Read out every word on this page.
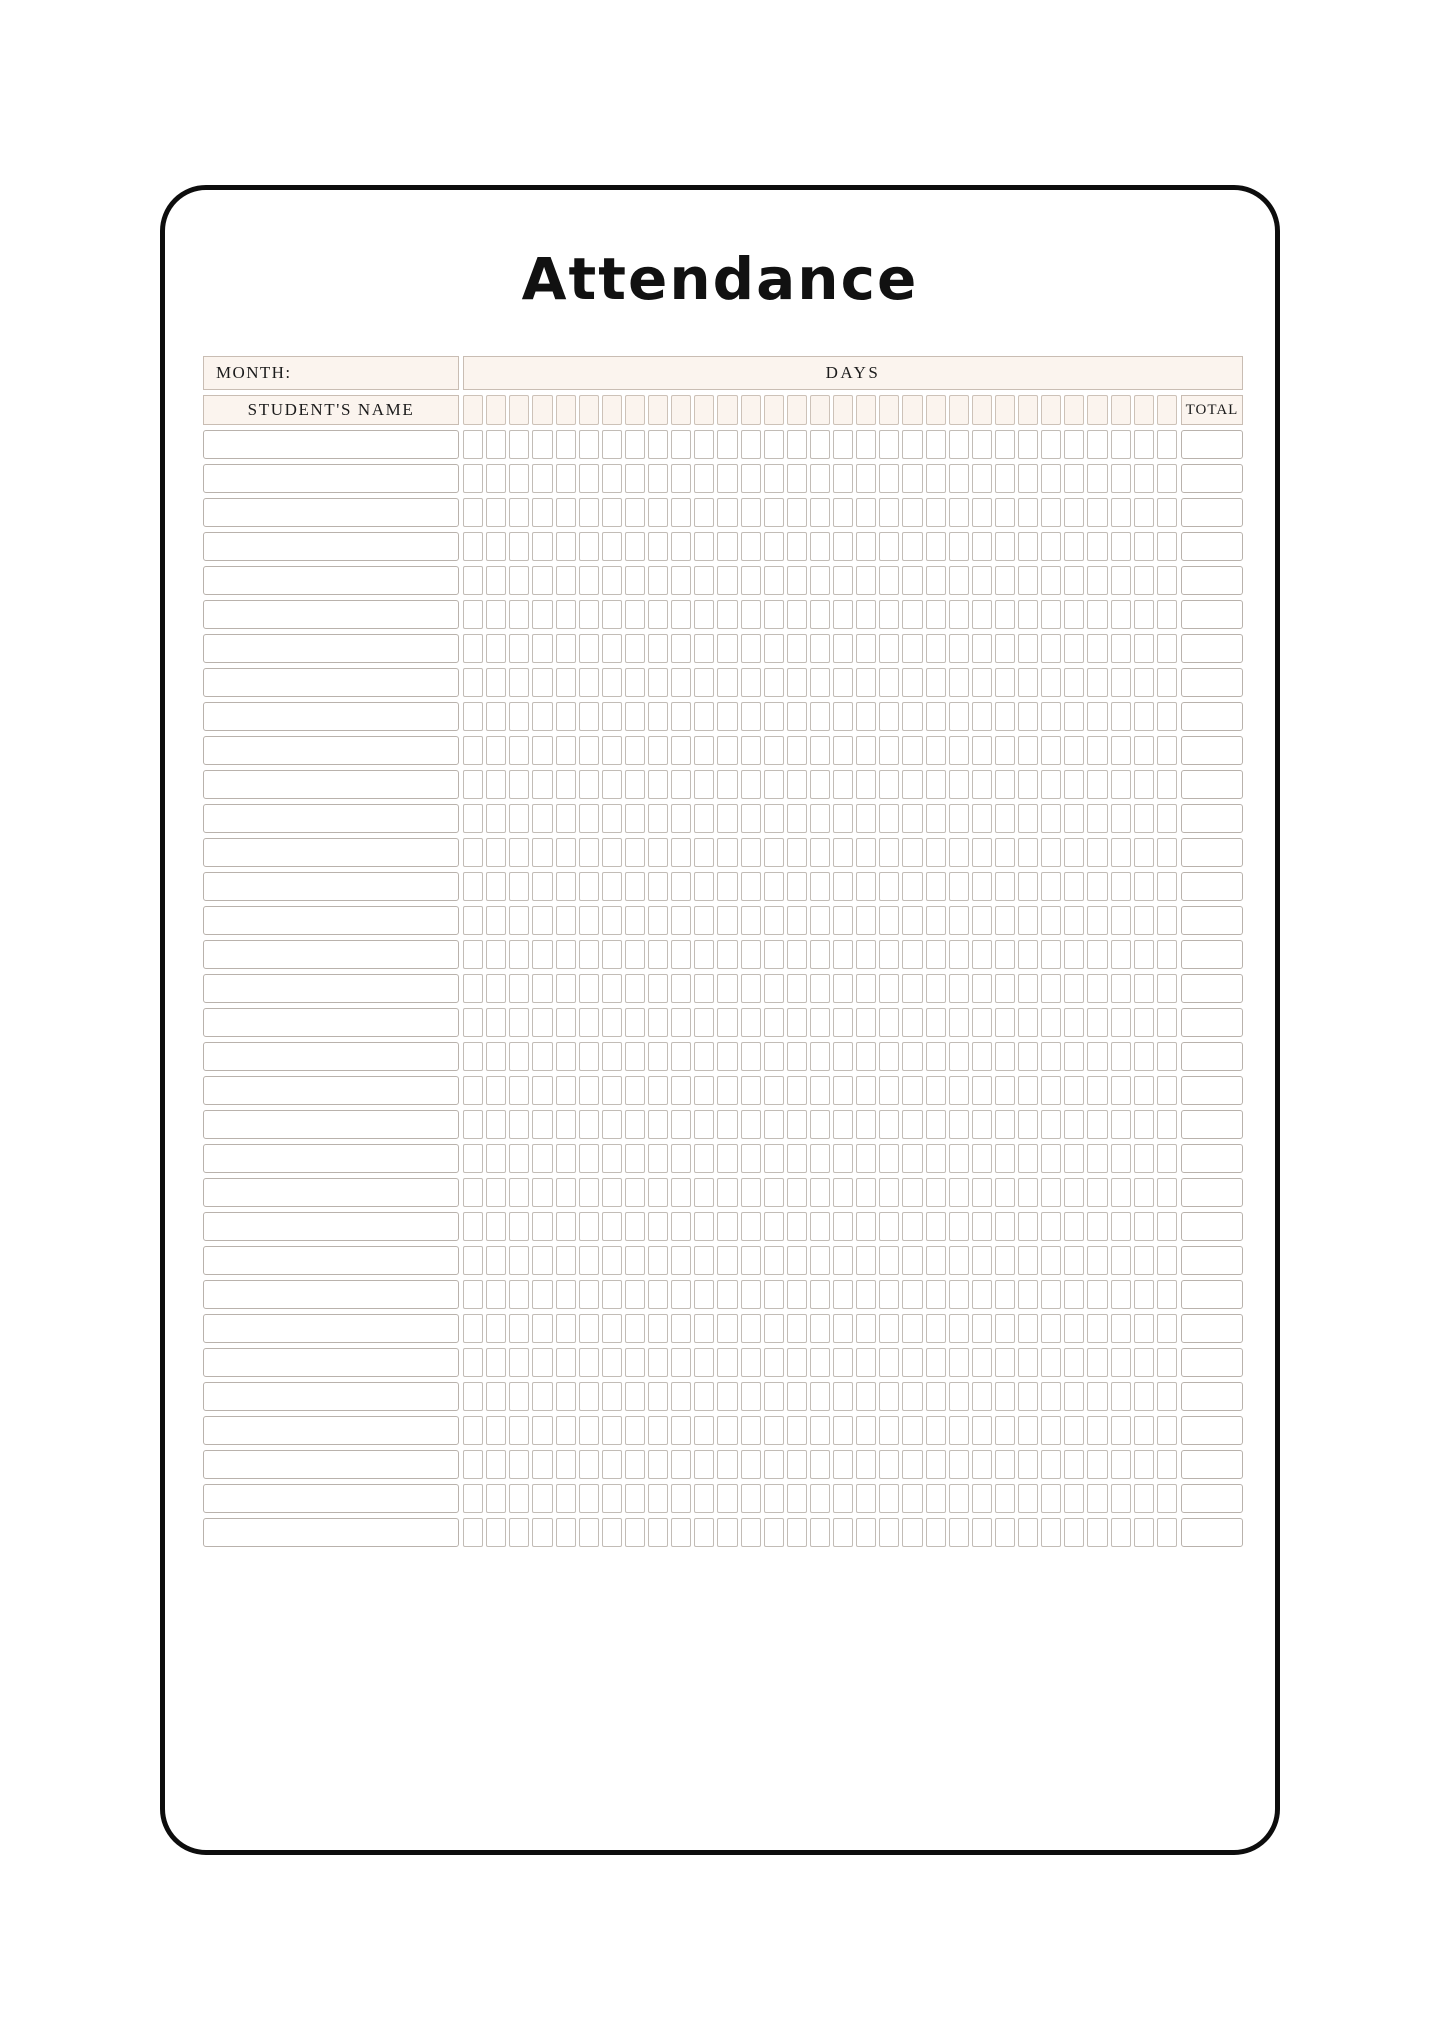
Attendance
MONTH:	DAYS
STUDENT'S NAME	TOTAL
